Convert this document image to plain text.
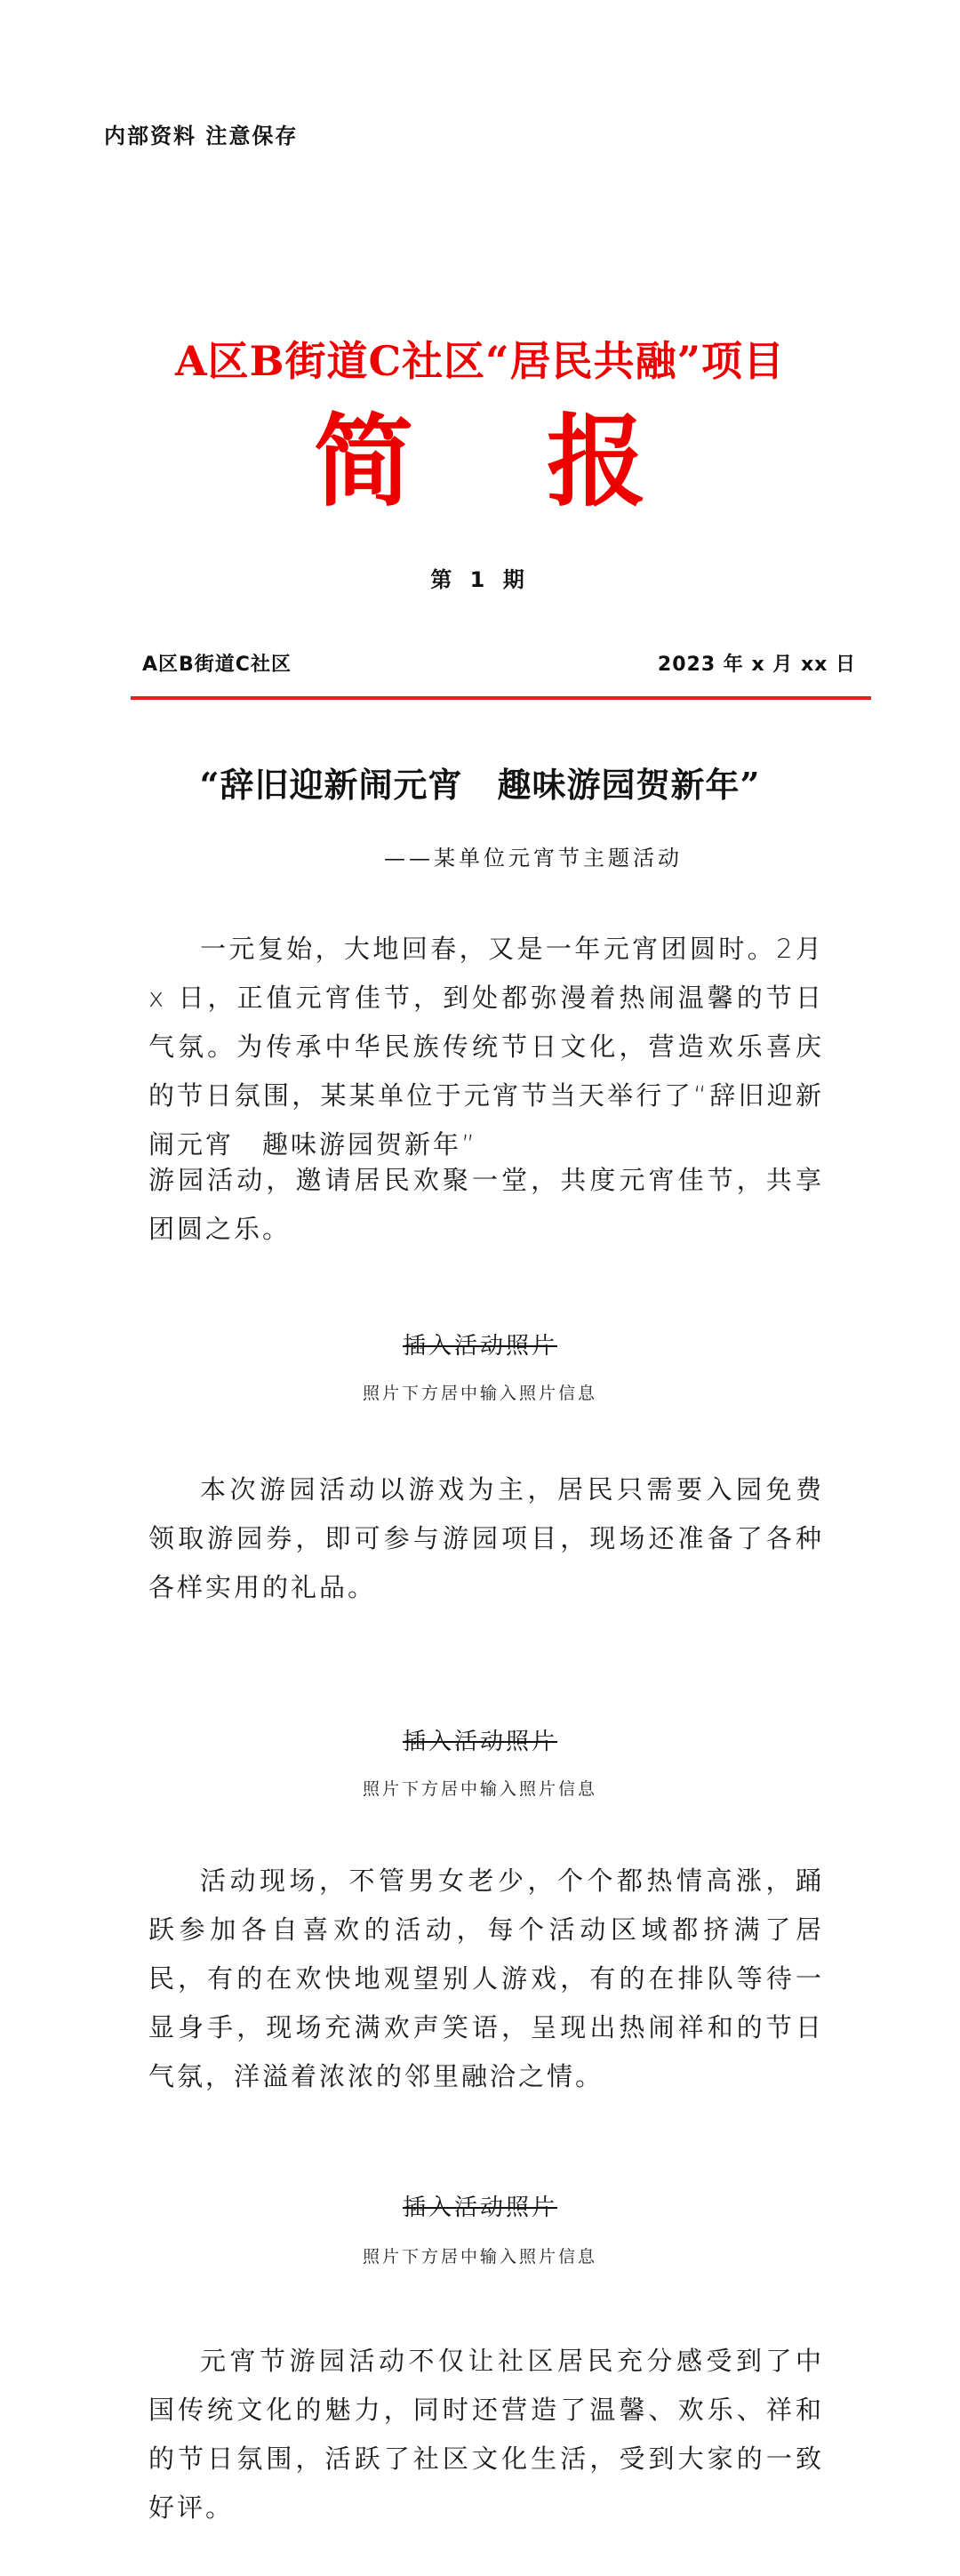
内部资料 注意保存
A区B街道C社区“居民共融”项目
简 报
第 1 期
A区B街道C社区	2023 年 x 月 xx 日
“辞旧迎新闹元宵　趣味游园贺新年”
——某单位元宵节主题活动

一元复始，大地回春，又是一年元宵团圆时。2月 x 日，正值元宵佳节，到处都弥漫着热闹温馨的节日气氛。为传承中华民族传统节日文化，营造欢乐喜庆的节日氛围，某某单位于元宵节当天举行了“辞旧迎新闹元宵　趣味游园贺新年”

游园活动，邀请居民欢聚一堂，共度元宵佳节，共享团圆之乐。

插入活动照片
照片下方居中输入照片信息

本次游园活动以游戏为主，居民只需要入园免费领取游园券，即可参与游园项目，现场还准备了各种各样实用的礼品。

插入活动照片
照片下方居中输入照片信息

活动现场，不管男女老少，个个都热情高涨，踊跃参加各自喜欢的活动，每个活动区域都挤满了居民，有的在欢快地观望别人游戏，有的在排队等待一显身手，现场充满欢声笑语，呈现出热闹祥和的节日气氛，洋溢着浓浓的邻里融洽之情。

插入活动照片
照片下方居中输入照片信息

元宵节游园活动不仅让社区居民充分感受到了中国传统文化的魅力，同时还营造了温馨、欢乐、祥和的节日氛围，活跃了社区文化生活，受到大家的一致好评。
